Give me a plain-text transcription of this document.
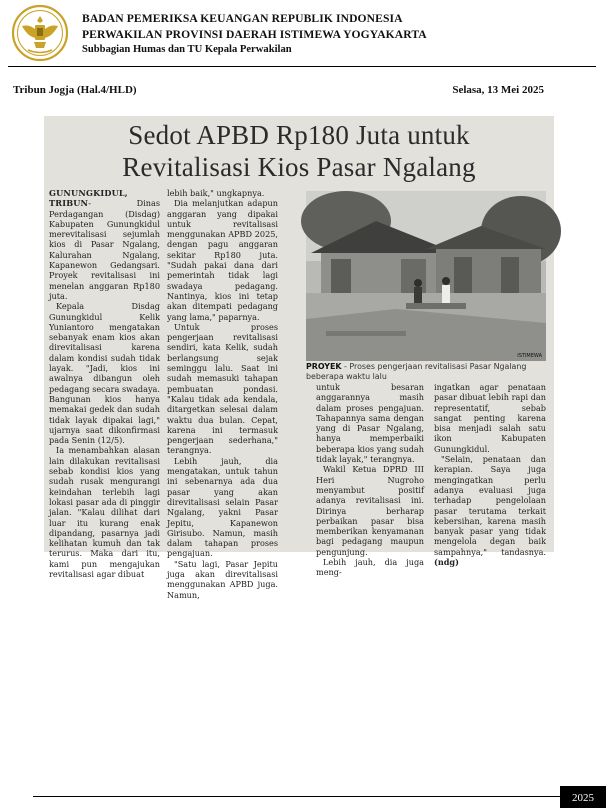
BADAN PEMERIKSA KEUANGAN REPUBLIK INDONESIA
PERWAKILAN PROVINSI DAERAH ISTIMEWA YOGYAKARTA
Subbagian Humas dan TU Kepala Perwakilan
Tribun Jogja (Hal.4/HLD)	Selasa, 13 Mei 2025
Sedot APBD Rp180 Juta untuk
Revitalisasi Kios Pasar Ngalang

GUNUNGKIDUL, TRIBUN- Dinas Perdagangan (Disdag) Kabupaten Gunungkidul merevitalisasi sejumlah kios di Pasar Ngalang, Kalurahan Ngalang, Kapanewon Gedangsari. Proyek revitalisasi ini menelan anggaran Rp180 juta.

Kepala Disdag Gunungkidul Kelik Yuniantoro mengatakan sebanyak enam kios akan direvitalisasi karena dalam kondisi sudah tidak layak. "Jadi, kios ini awalnya dibangun oleh pedagang secara swadaya. Bangunan kios hanya memakai gedek dan sudah tidak layak dipakai lagi," ujarnya saat dikonfirmasi pada Senin (12/5).

Ia menambahkan alasan lain dilakukan revitalisasi sebab kondisi kios yang sudah rusak mengurangi keindahan terlebih lagi lokasi pasar ada di pinggir jalan. "Kalau dilihat dari luar itu kurang enak dipandang, pasarnya jadi kelihatan kumuh dan tak terurus. Maka dari itu, kami pun mengajukan revitalisasi agar dibuat

lebih baik," ungkapnya.

Dia melanjutkan adapun anggaran yang dipakai untuk revitalisasi menggunakan APBD 2025, dengan pagu anggaran sekitar Rp180 juta. "Sudah pakai dana dari pemerintah tidak lagi swadaya pedagang. Nantinya, kios ini tetap akan ditempati pedagang yang lama," paparnya.

Untuk proses pengerjaan revitalisasi sendiri, kata Kelik, sudah berlangsung sejak seminggu lalu. Saat ini sudah memasuki tahapan pembuatan pondasi. "Kalau tidak ada kendala, ditargetkan selesai dalam waktu dua bulan. Cepat, karena ini termasuk pengerjaan sederhana," terangnya.

Lebih jauh, dia mengatakan, untuk tahun ini sebenarnya ada dua pasar yang akan direvitalisasi selain Pasar Ngalang, yakni Pasar Jepitu, Kapanewon Girisubo. Namun, masih dalam tahapan proses pengajuan.

"Satu lagi, Pasar Jepitu juga akan direvitalisasi menggunakan APBD juga. Namun,

ISTIMEWA
PROYEK - Proses pengerjaan revitalisasi Pasar Ngalang beberapa waktu lalu

untuk besaran anggarannya masih dalam proses pengajuan. Tahapannya sama dengan yang di Pasar Ngalang, hanya memperbaiki beberapa kios yang sudah tidak layak," terangnya.

Wakil Ketua DPRD III Heri Nugroho menyambut positif adanya revitalisasi ini. Dirinya berharap perbaikan pasar bisa memberikan kenyamanan bagi pedagang maupun pengunjung.

Lebih jauh, dia juga meng-

ingatkan agar penataan pasar dibuat lebih rapi dan representatif, sebab sangat penting karena bisa menjadi salah satu ikon Kabupaten Gunungkidul.

"Selain, penataan dan kerapian. Saya juga mengingatkan perlu adanya evaluasi juga terhadap pengelolaan pasar terutama terkait kebersihan, karena masih banyak pasar yang tidak mengelola degan baik sampahnya," tandasnya. (ndg)

2025
